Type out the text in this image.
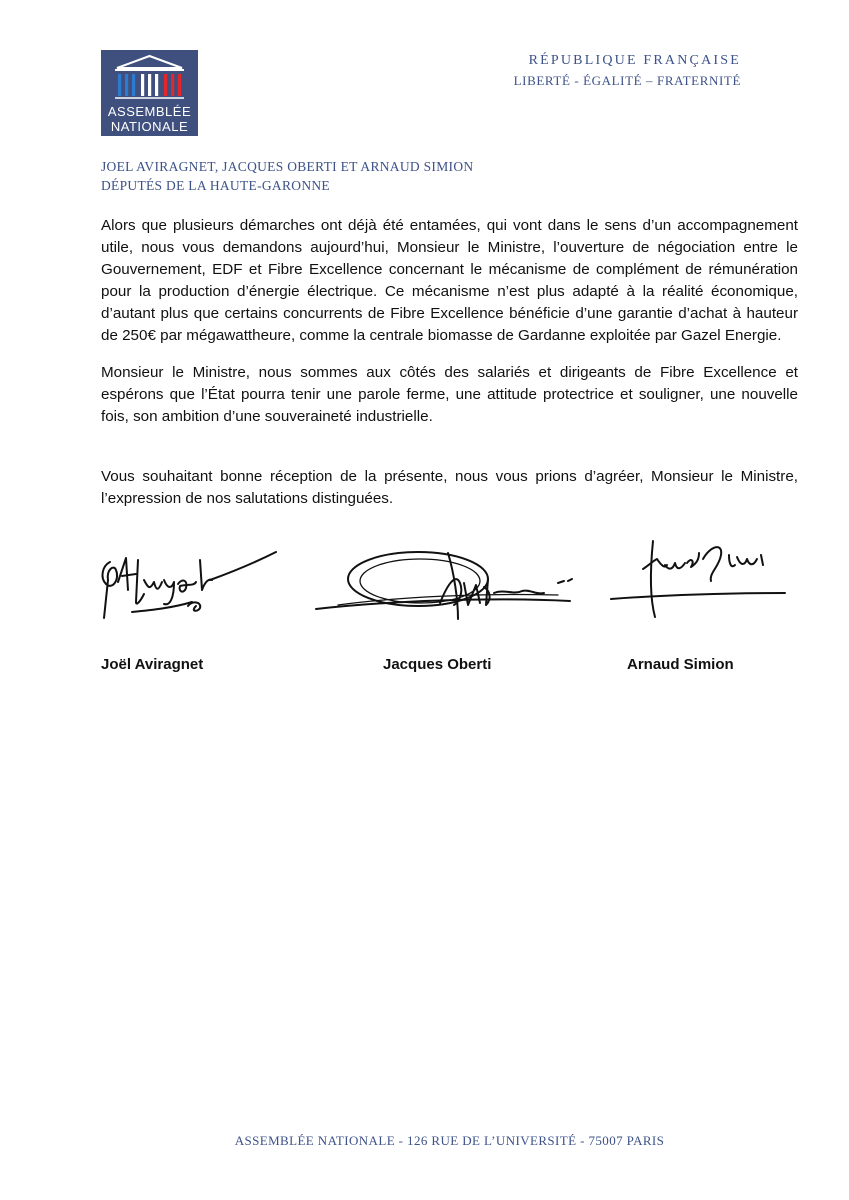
ASSEMBLÉE
NATIONALE
RÉPUBLIQUE FRANÇAISE
LIBERTÉ - ÉGALITÉ – FRATERNITÉ
JOEL AVIRAGNET, JACQUES OBERTI ET ARNAUD SIMION
DÉPUTÉS DE LA HAUTE-GARONNE

Alors que plusieurs démarches ont déjà été entamées, qui vont dans le sens d’un accompagnement utile, nous vous demandons aujourd’hui, Monsieur le Ministre, l’ouverture de négociation entre le Gouvernement, EDF et Fibre Excellence concernant le mécanisme de complément de rémunération pour la production d’énergie électrique. Ce mécanisme n’est plus adapté à la réalité économique, d’autant plus que certains concurrents de Fibre Excellence bénéficie d’une garantie d’achat à hauteur de 250€ par mégawattheure, comme la centrale biomasse de Gardanne exploitée par Gazel Energie.

Monsieur le Ministre, nous sommes aux côtés des salariés et dirigeants de Fibre Excellence et espérons que l’État pourra tenir une parole ferme, une attitude protectrice et souligner, une nouvelle fois, son ambition d’une souveraineté industrielle.

Vous souhaitant bonne réception de la présente, nous vous prions d’agréer, Monsieur le Ministre, l’expression de nos salutations distinguées.

Joël Aviragnet	Jacques Oberti	Arnaud Simion
ASSEMBLÉE NATIONALE - 126 RUE DE L’UNIVERSITÉ - 75007 PARIS
